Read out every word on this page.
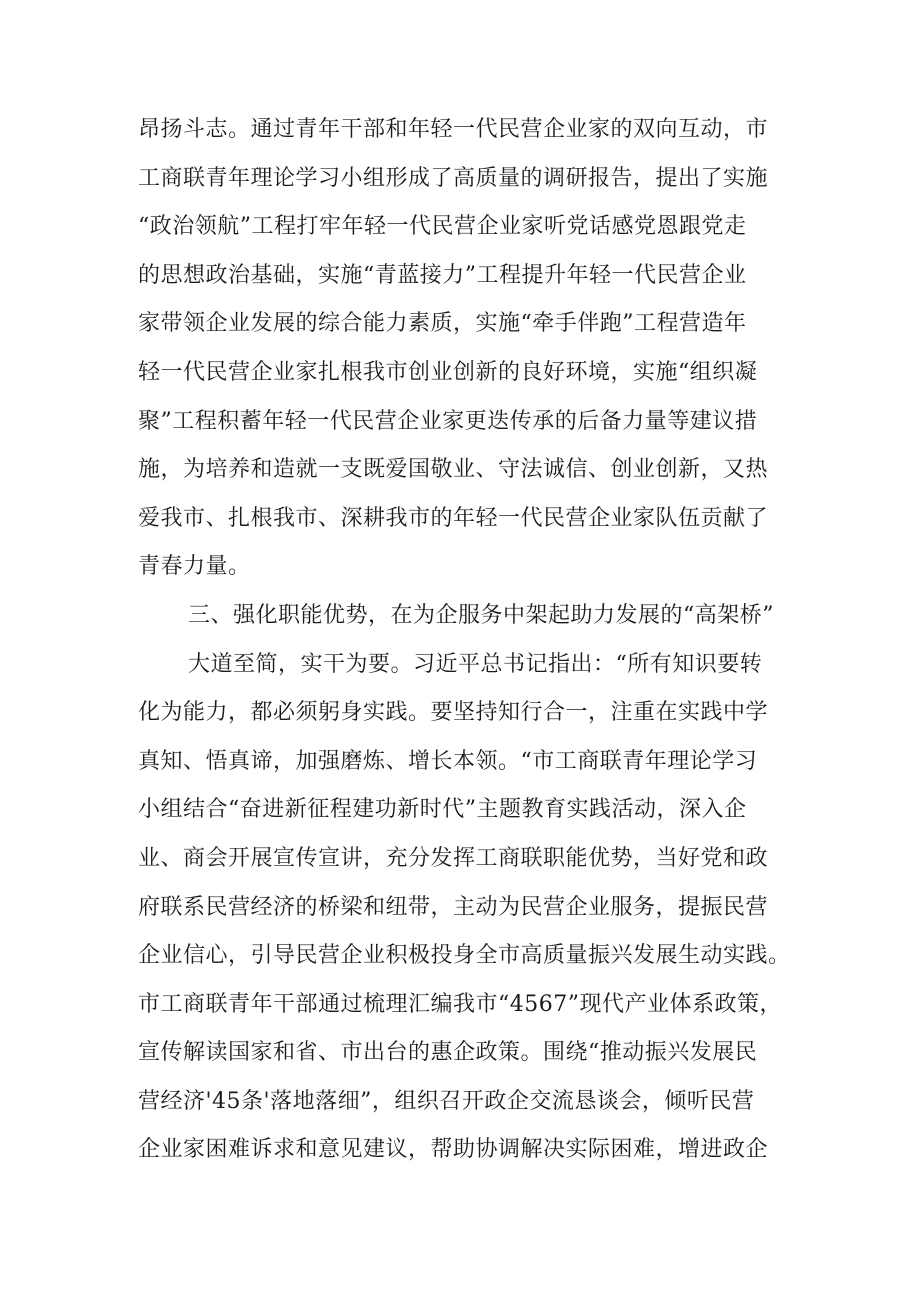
昂扬斗志。通过青年干部和年轻一代民营企业家的双向互动，市
工商联青年理论学习小组形成了高质量的调研报告，提出了实施
“政治领航”工程打牢年轻一代民营企业家听党话感党恩跟党走
的思想政治基础，实施“青蓝接力”工程提升年轻一代民营企业
家带领企业发展的综合能力素质，实施“牵手伴跑”工程营造年
轻一代民营企业家扎根我市创业创新的良好环境，实施“组织凝
聚”工程积蓄年轻一代民营企业家更迭传承的后备力量等建议措
施，为培养和造就一支既爱国敬业、守法诚信、创业创新，又热
爱我市、扎根我市、深耕我市的年轻一代民营企业家队伍贡献了
青春力量。
三、强化职能优势，在为企服务中架起助力发展的“高架桥”
大道至简，实干为要。习近平总书记指出：“所有知识要转
化为能力，都必须躬身实践。要坚持知行合一，注重在实践中学
真知、悟真谛，加强磨炼、增长本领。“市工商联青年理论学习
小组结合“奋进新征程建功新时代”主题教育实践活动，深入企
业、商会开展宣传宣讲，充分发挥工商联职能优势，当好党和政
府联系民营经济的桥梁和纽带，主动为民营企业服务，提振民营
企业信心，引导民营企业积极投身全市高质量振兴发展生动实践。
市工商联青年干部通过梳理汇编我市“4567”现代产业体系政策，
宣传解读国家和省、市出台的惠企政策。围绕“推动振兴发展民
营经济'45条'落地落细”，组织召开政企交流恳谈会，倾听民营
企业家困难诉求和意见建议，帮助协调解决实际困难，增进政企
